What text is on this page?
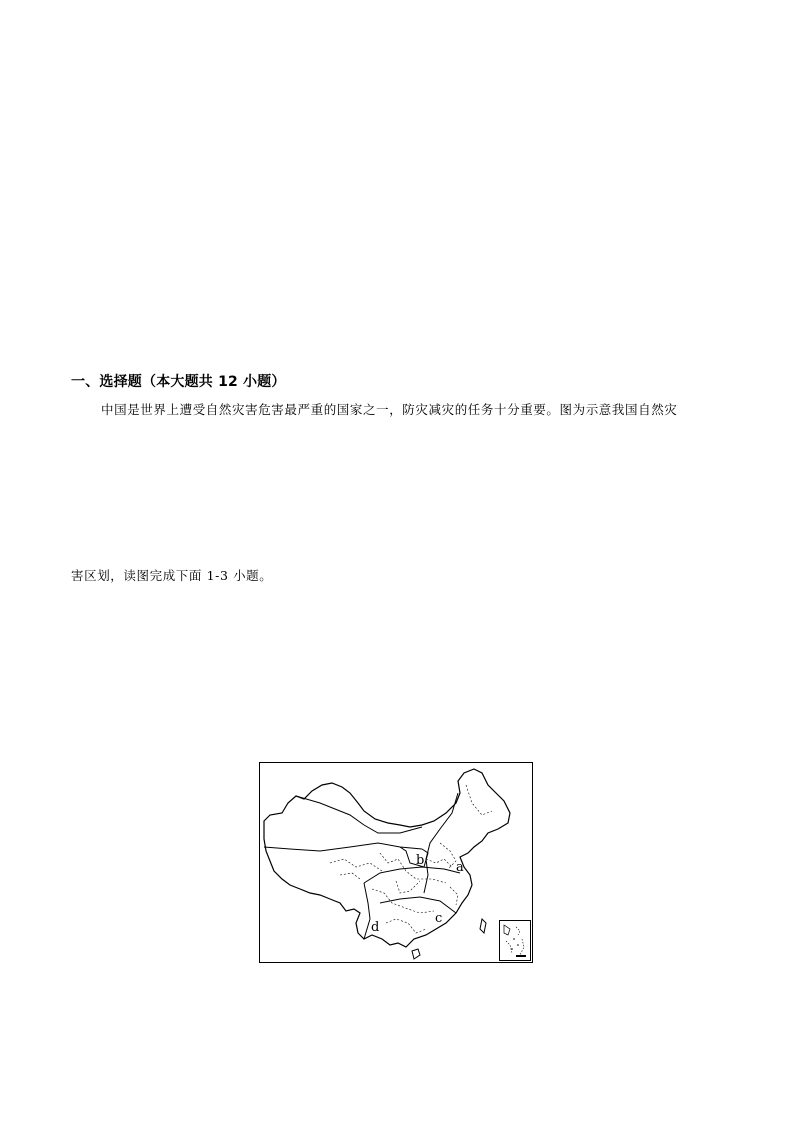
一、选择题（本大题共 12 小题）
中国是世界上遭受自然灾害危害最严重的国家之一，防灾减灾的任务十分重要。图为示意我国自然灾
害区划，读图完成下面 1-3 小题。
a
b
c
d
